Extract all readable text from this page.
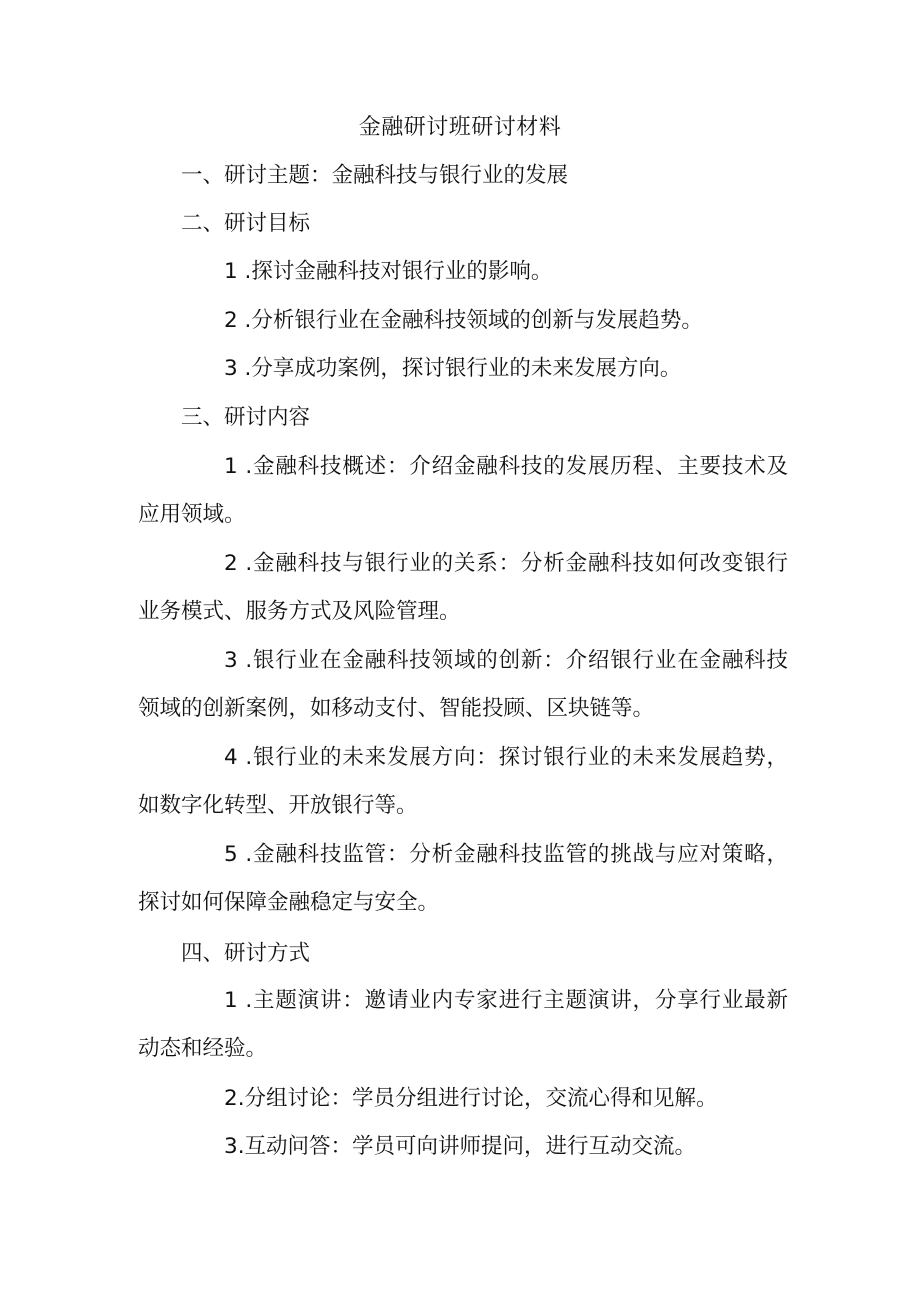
金融研讨班研讨材料

一、研讨主题：金融科技与银行业的发展

二、研讨目标

1 .探讨金融科技对银行业的影响。

2 .分析银行业在金融科技领域的创新与发展趋势。

3 .分享成功案例，探讨银行业的未来发展方向。

三、研讨内容

1 .金融科技概述：介绍金融科技的发展历程、主要技术及应用领域。

2 .金融科技与银行业的关系：分析金融科技如何改变银行业务模式、服务方式及风险管理。

3 .银行业在金融科技领域的创新：介绍银行业在金融科技领域的创新案例，如移动支付、智能投顾、区块链等。

4 .银行业的未来发展方向：探讨银行业的未来发展趋势，如数字化转型、开放银行等。

5 .金融科技监管：分析金融科技监管的挑战与应对策略，探讨如何保障金融稳定与安全。

四、研讨方式

1 .主题演讲：邀请业内专家进行主题演讲，分享行业最新动态和经验。

2.分组讨论：学员分组进行讨论，交流心得和见解。

3.互动问答：学员可向讲师提问，进行互动交流。
